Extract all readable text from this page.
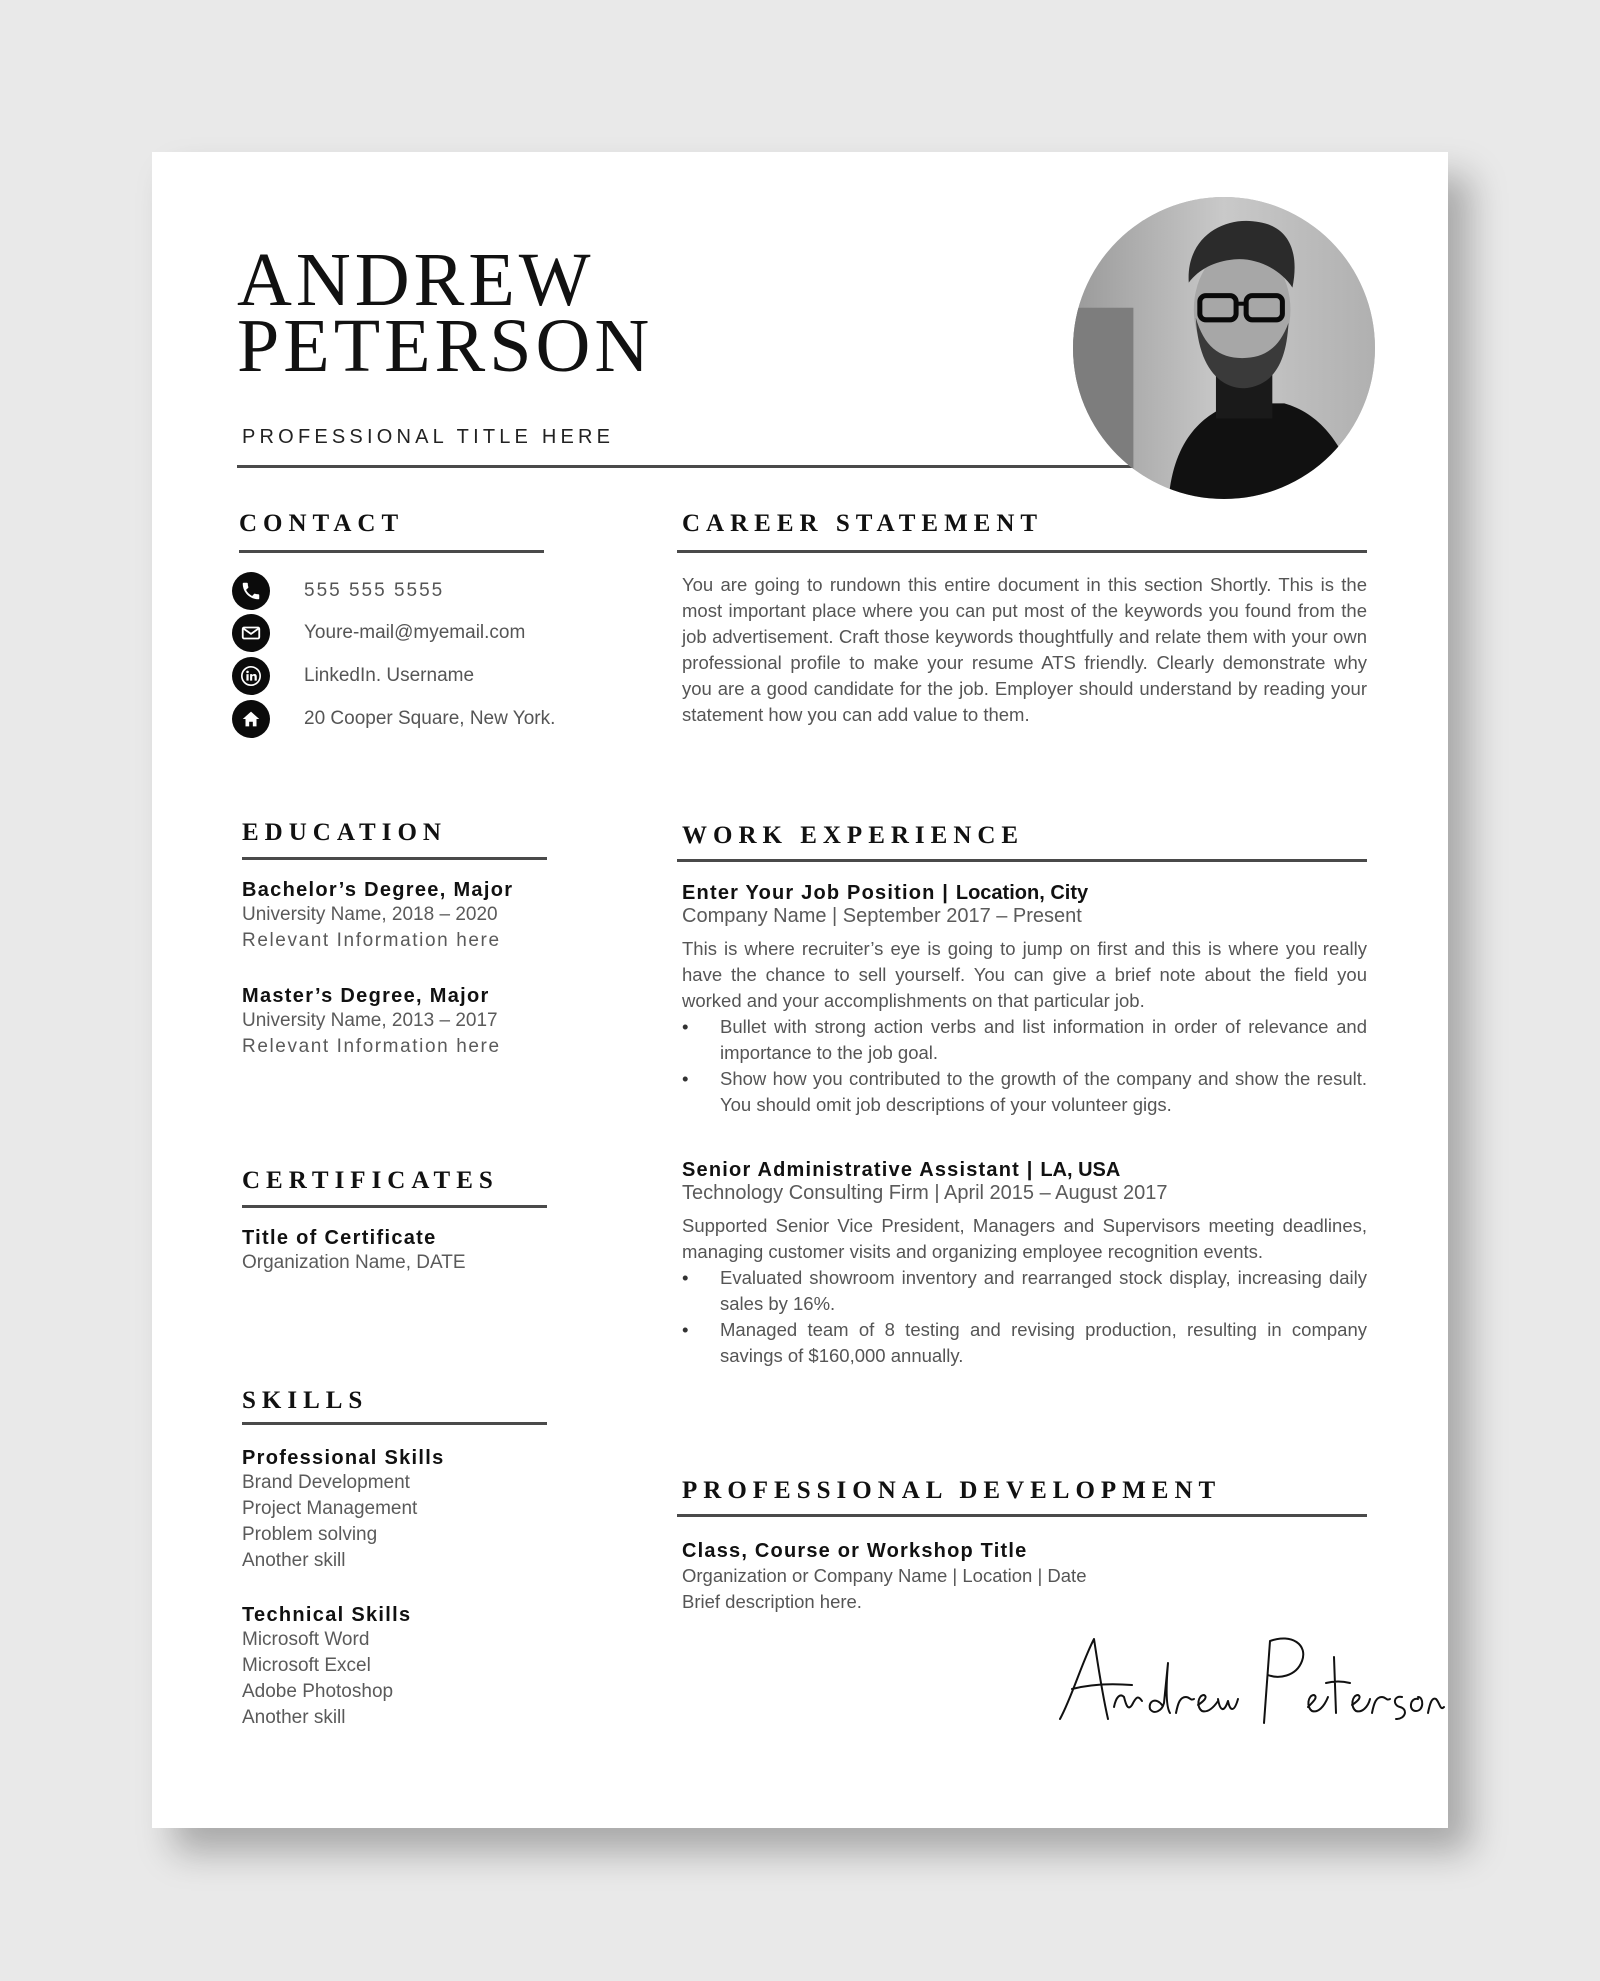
ANDREW
PETERSON
PROFESSIONAL TITLE HERE
CONTACT
555 555 5555
Youre-mail@myemail.com
LinkedIn. Username
20 Cooper Square, New York.
CAREER STATEMENT
You are going to rundown this entire document in this section Shortly. This is the most important place where you can put most of the keywords you found from the job advertisement. Craft those keywords thoughtfully and relate them with your own professional profile to make your resume ATS friendly. Clearly demonstrate why you are a good candidate for the job. Employer should understand by reading your statement how you can add value to them.
EDUCATION
Bachelor’s Degree, Major
University Name, 2018 – 2020
Relevant Information here
Master’s Degree, Major
University Name, 2013 – 2017
Relevant Information here
CERTIFICATES
Title of Certificate
Organization Name, DATE
SKILLS
Professional Skills
Brand Development
Project Management
Problem solving
Another skill
Technical Skills
Microsoft Word
Microsoft Excel
Adobe Photoshop
Another skill
WORK EXPERIENCE
Enter Your Job Position | Location, City
Company Name | September 2017 – Present
This is where recruiter’s eye is going to jump on first and this is where you really have the chance to sell yourself. You can give a brief note about the field you worked and your accomplishments on that particular job.
• Bullet with strong action verbs and list information in order of relevance and importance to the job goal.
• Show how you contributed to the growth of the company and show the result. You should omit job descriptions of your volunteer gigs.
Senior Administrative Assistant | LA, USA
Technology Consulting Firm | April 2015 – August 2017
Supported Senior Vice President, Managers and Supervisors meeting deadlines, managing customer visits and organizing employee recognition events.
• Evaluated showroom inventory and rearranged stock display, increasing daily sales by 16%.
• Managed team of 8 testing and revising production, resulting in company savings of $160,000 annually.
PROFESSIONAL DEVELOPMENT
Class, Course or Workshop Title
Organization or Company Name | Location | Date
Brief description here.
